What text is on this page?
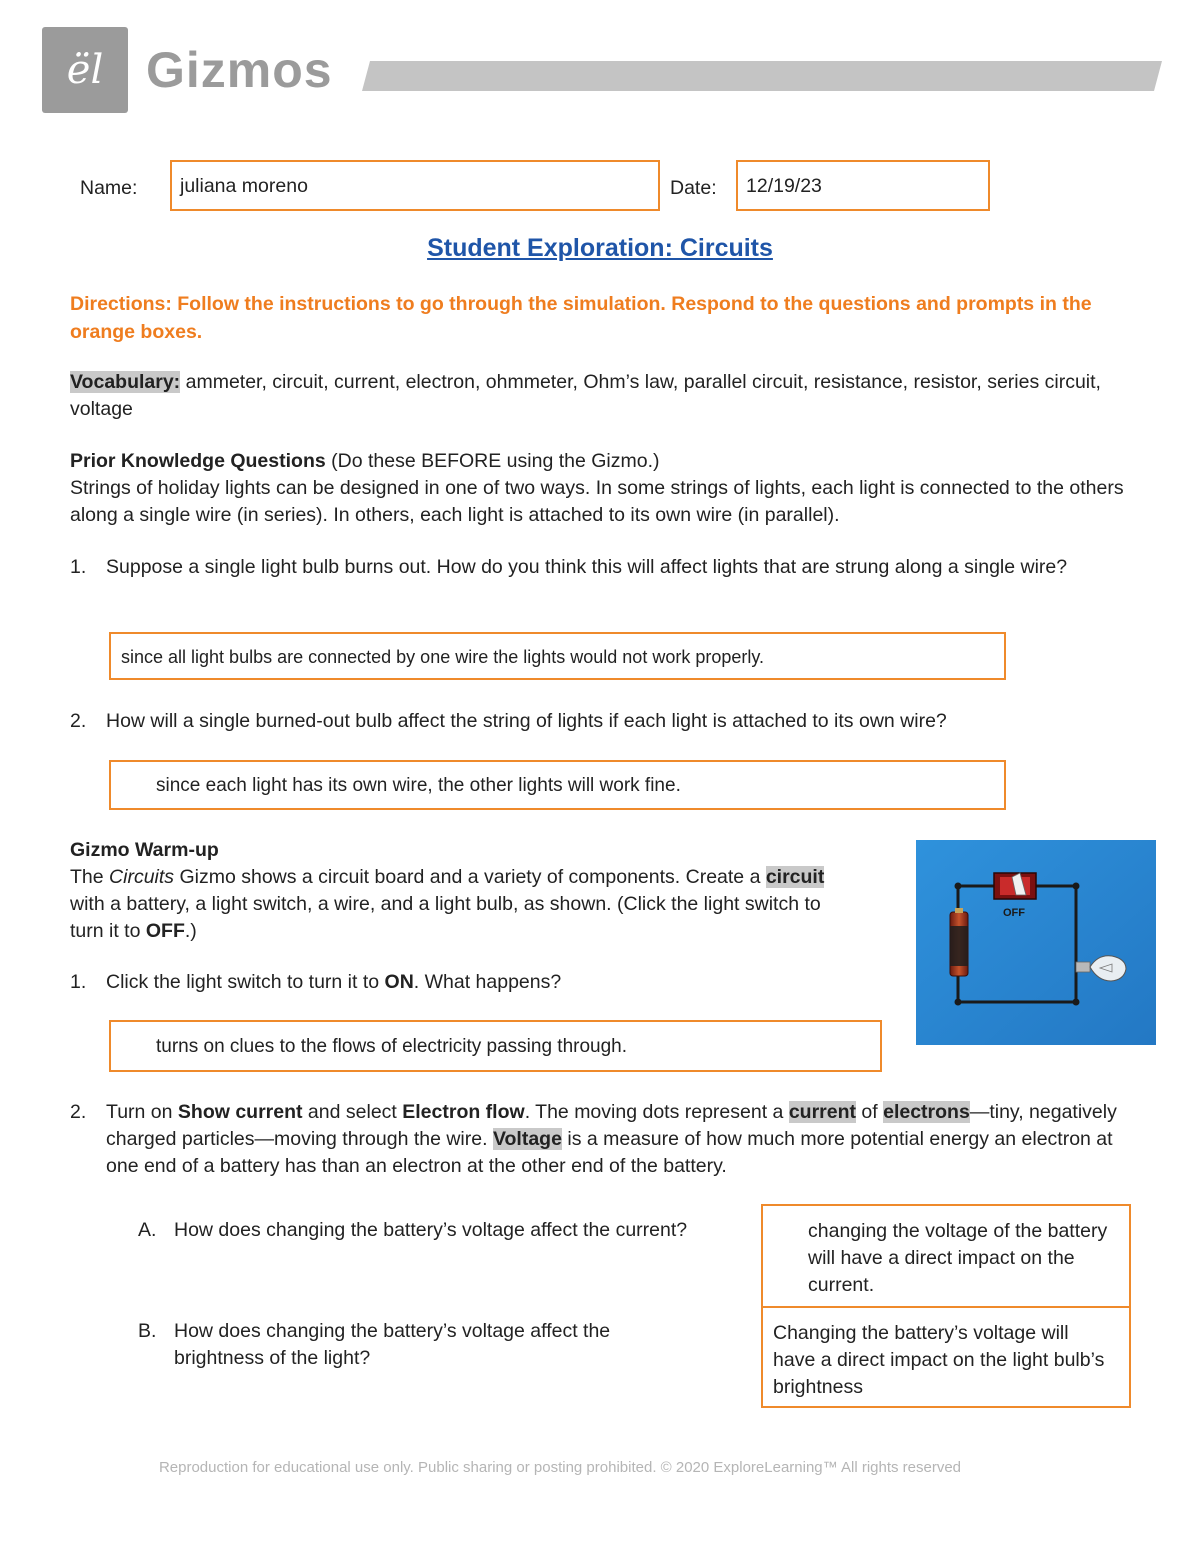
ël Gizmos
Name:	juliana moreno	Date:	12/19/23
Student Exploration: Circuits
Directions: Follow the instructions to go through the simulation. Respond to the questions and prompts in the orange boxes.
Vocabulary: ammeter, circuit, current, electron, ohmmeter, Ohm’s law, parallel circuit, resistance, resistor, series circuit, voltage
Prior Knowledge Questions (Do these BEFORE using the Gizmo.)
Strings of holiday lights can be designed in one of two ways. In some strings of lights, each light is connected to the others along a single wire (in series). In others, each light is attached to its own wire (in parallel).
1. Suppose a single light bulb burns out. How do you think this will affect lights that are strung along a single wire?
since all light bulbs are connected by one wire the lights would not work properly.
2. How will a single burned-out bulb affect the string of lights if each light is attached to its own wire?
since each light has its own wire, the other lights will work fine.
Gizmo Warm-up
The Circuits Gizmo shows a circuit board and a variety of components. Create a circuit with a battery, a light switch, a wire, and a light bulb, as shown. (Click the light switch to turn it to OFF.)
OFF
1. Click the light switch to turn it to ON. What happens?
turns on clues to the flows of electricity passing through.
2. Turn on Show current and select Electron flow. The moving dots represent a current of electrons—tiny, negatively charged particles—moving through the wire. Voltage is a measure of how much more potential energy an electron at one end of a battery has than an electron at the other end of the battery.
A. How does changing the battery’s voltage affect the current?
B. How does changing the battery’s voltage affect the brightness of the light?
changing the voltage of the battery will have a direct impact on the current.
Changing the battery’s voltage will have a direct impact on the light bulb’s brightness
Reproduction for educational use only. Public sharing or posting prohibited. © 2020 ExploreLearning™ All rights reserved
